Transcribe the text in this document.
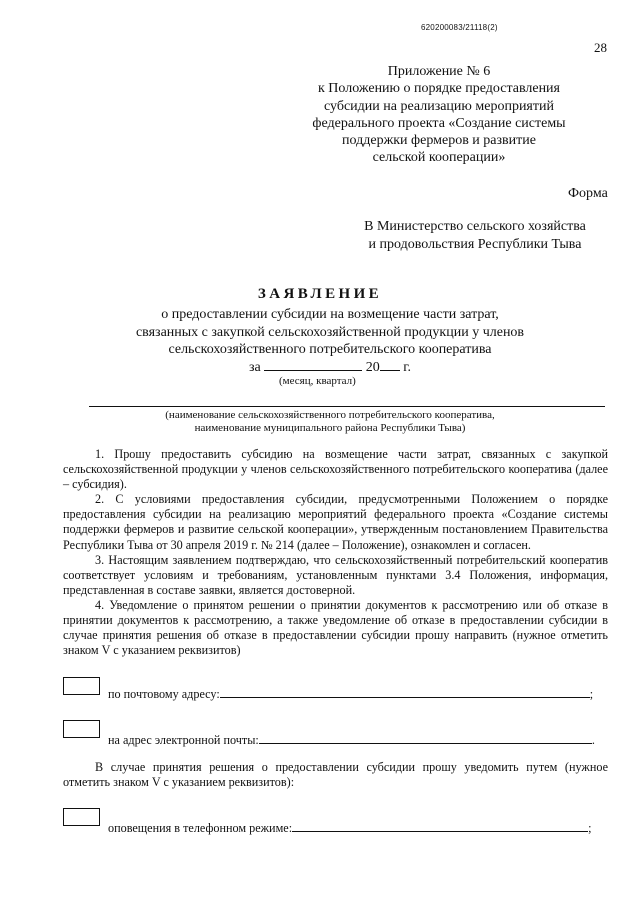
620200083/21118(2)
28
Приложение № 6
к Положению о порядке предоставления
субсидии на реализацию мероприятий
федерального проекта «Создание системы
поддержки фермеров и развитие
сельской кооперации»
Форма
В Министерство сельского хозяйства
и продовольствия Республики Тыва
ЗАЯВЛЕНИЕ
о предоставлении субсидии на возмещение части затрат,
связанных с закупкой сельскохозяйственной продукции у членов
сельскохозяйственного потребительского кооператива
за	20 г.
(месяц, квартал)
(наименование сельскохозяйственного потребительского кооператива,
наименование муниципального района Республики Тыва)

1. Прошу предоставить субсидию на возмещение части затрат, связанных с закупкой сельскохозяйственной продукции у членов сельскохозяйственного потребительского кооператива (далее – субсидия).

2. С условиями предоставления субсидии, предусмотренными Положением о порядке предоставления субсидии на реализацию мероприятий федерального проекта «Создание системы поддержки фермеров и развитие сельской кооперации», утвержденным постановлением Правительства Республики Тыва от 30 апреля 2019 г. № 214 (далее – Положение), ознакомлен и согласен.

3. Настоящим заявлением подтверждаю, что сельскохозяйственный потребительский кооператив соответствует условиям и требованиям, установленным пунктами 3.4 Положения, информация, представленная в составе заявки, является достоверной.

4. Уведомление о принятом решении о принятии документов к рассмотрению или об отказе в принятии документов к рассмотрению, а также уведомление об отказе в предоставлении субсидии в случае принятия решения об отказе в предоставлении субсидии прошу направить (нужное отметить знаком V с указанием реквизитов)

по почтовому адресу:	;
на адрес электронной почты:	.

В случае принятия решения о предоставлении субсидии прошу уведомить путем (нужное отметить знаком V с указанием реквизитов):

оповещения в телефонном режиме:	;
